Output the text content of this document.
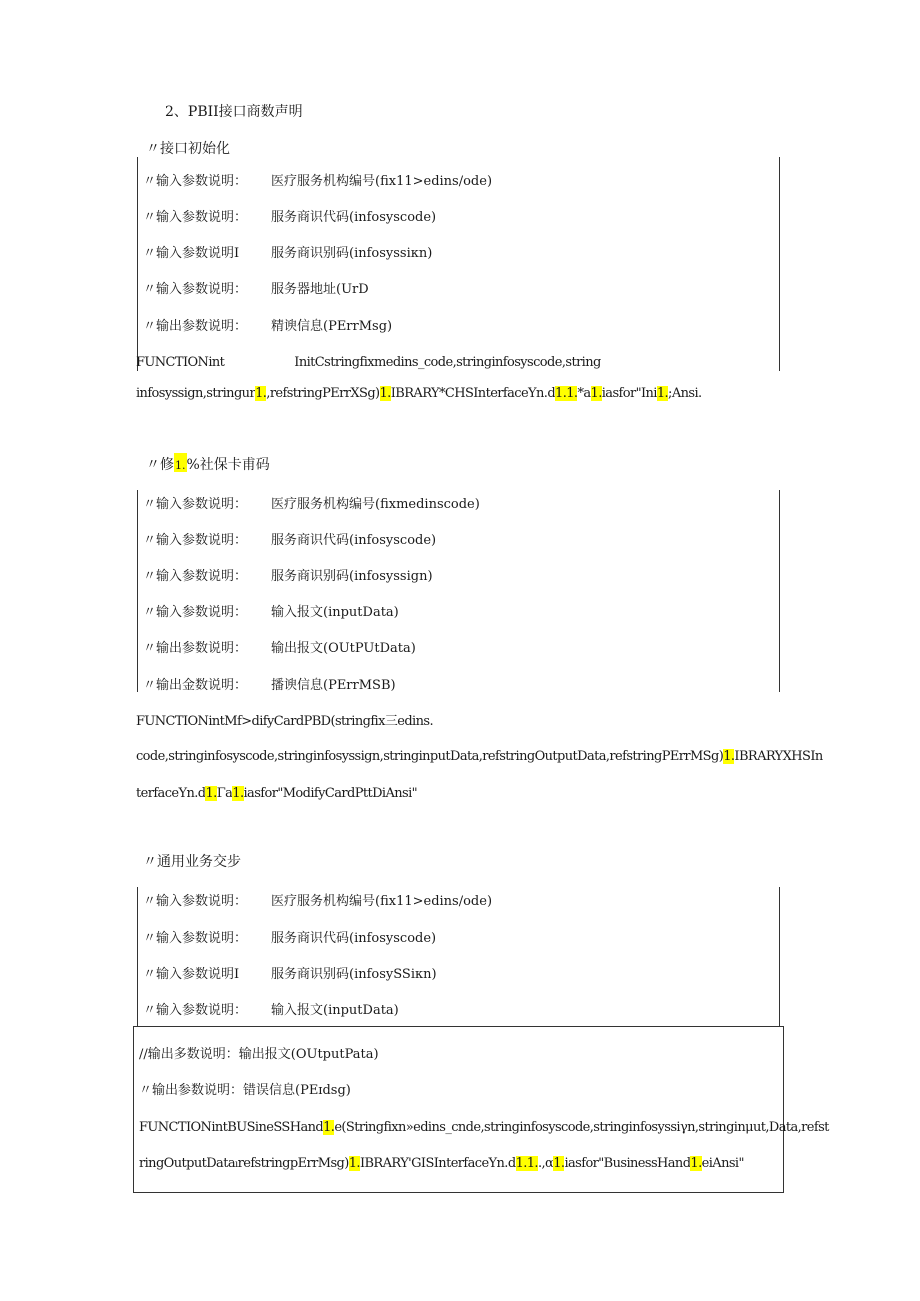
2、PBII接口商数声明
〃接口初始化
〃输入参数说明： 医疗服务机构编号(fix11>edins∕ode)
〃输入参数说明： 服务商识代码(infosyscode)
〃输入参数说明I 服务商识别码(infosyssiкn)
〃输入参数说明： 服务器地址(UrD
〃输出参数说明： 精谀信息(PErrMsg)
FUNCTIONint	InitCstringfixmedins_code,stringinfosyscode,string
infosyssign,stringur1.,refstringPErrXSg)1.IBRARY*CHSInterfaceYn.d1.1.*a1.iasfor"Ini1.;Ansi.
〃修1.%社保卡甫码
〃输入参数说明： 医疗服务机构编号(fixmedinscode)
〃输入参数说明： 服务商识代码(infosyscode)
〃输入参数说明： 服务商识别码(infosyssign)
〃输入参数说明： 输入报文(inputData)
〃输出参数说明： 输出报文(OUtPUtData)
〃输出金数说明： 播谀信息(PErrMSB)
FUNCTIONintMf>difyCardPBD(stringfix三edins.
code,stringinfosyscode,stringinfosyssign,stringinputData,refstringOutputData,refstringPErrMSg)1.IBRARYXHSIn
terfaceYn.d1.Γa1.iasfor"ModifyCardPttDiAnsi"
〃通用业务交步
〃输入参数说明： 医疗服务机构编号(fix11>edins∕ode)
〃输入参数说明： 服务商识代码(infosyscode)
〃输入参数说明I 服务商识别码(infosySSiкn)
〃输入参数说明： 输入报文(inputData)
//输出多数说明：输出报文(OUtputPata)
〃输出参数说明：错误信息(PEɪdsg)
FUNCTIONintBUSineSSHand1.e(Stringfixn»edins_cnde,stringinfosyscode,stringinfosyssiγn,stringinμut,Data,refst
ringOutputDataırefstringpErrMsg)1.IBRARY'GISInterfaceYn.d1.1..,α1.iasfor"BusinessHand1.eiAnsi"
